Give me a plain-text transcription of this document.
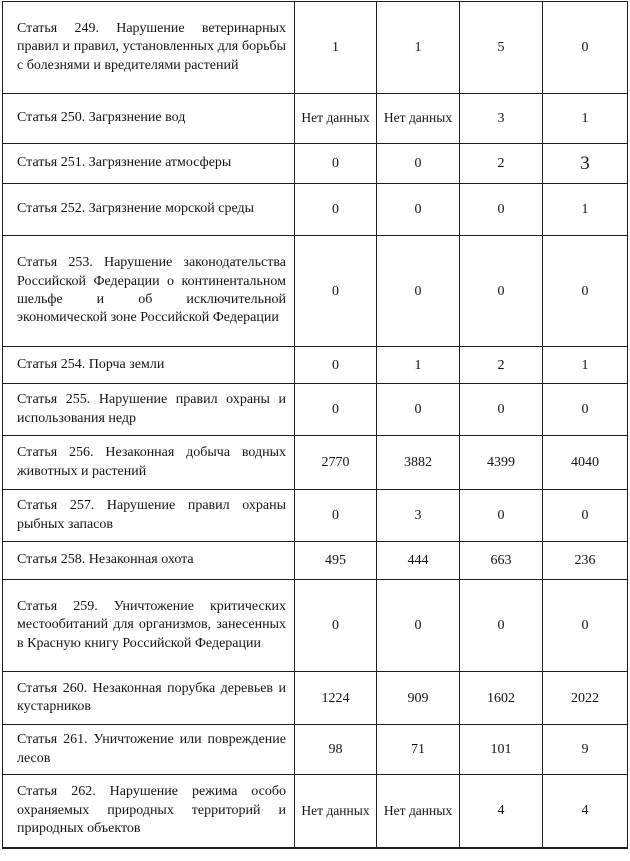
Статья 249. Нарушение ветеринарных правил и правил, установленных для борьбы с болезнями и вредителями растений	1	1	5	0
Статья 250. Загрязнение вод	Нет данных	Нет данных	3	1
Статья 251. Загрязнение атмосферы	0	0	2	3
Статья 252. Загрязнение морской среды	0	0	0	1
Статья 253. Нарушение законодательства Российской Федерации о континентальном шельфе и об исключительной экономической зоне Российской Федерации	0	0	0	0
Статья 254. Порча земли	0	1	2	1
Статья 255. Нарушение правил охраны и использования недр	0	0	0	0
Статья 256. Незаконная добыча водных животных и растений	2770	3882	4399	4040
Статья 257. Нарушение правил охраны рыбных запасов	0	3	0	0
Статья 258. Незаконная охота	495	444	663	236
Статья 259. Уничтожение критических местообитаний для организмов, занесенных в Красную книгу Российской Федерации	0	0	0	0
Статья 260. Незаконная порубка деревьев и кустарников	1224	909	1602	2022
Статья 261. Уничтожение или повреждение лесов	98	71	101	9
Статья 262. Нарушение режима особо охраняемых природных территорий и природных объектов	Нет данных	Нет данных	4	4
